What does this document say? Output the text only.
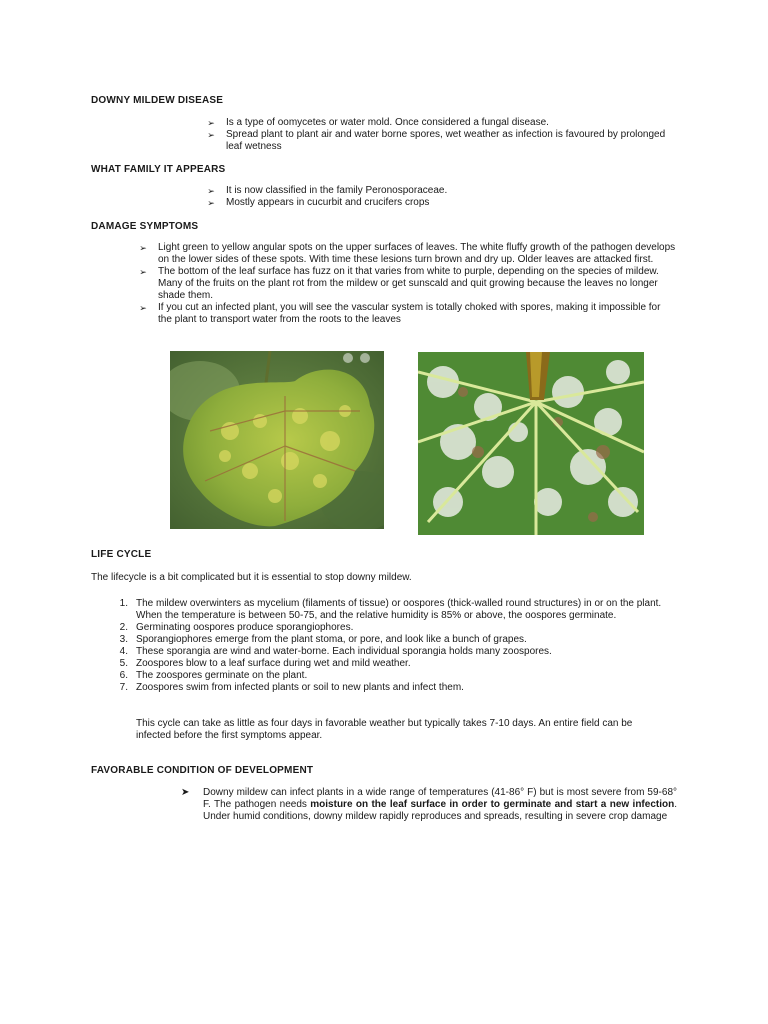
DOWNY MILDEW DISEASE

➢	Is a type of oomycetes or water mold. Once considered a fungal disease.
➢	Spread plant to plant air and water borne spores, wet weather as infection is favoured by prolonged leaf wetness

WHAT FAMILY IT APPEARS

➢	It is now classified in the family Peronosporaceae.
➢	Mostly appears in cucurbit and crucifers crops

DAMAGE SYMPTOMS

➢	Light green to yellow angular spots on the upper surfaces of leaves. The white fluffy growth of the pathogen develops on the lower sides of these spots. With time these lesions turn brown and dry up. Older leaves are attacked first.
➢	The bottom of the leaf surface has fuzz on it that varies from white to purple, depending on the species of mildew. Many of the fruits on the plant rot from the mildew or get sunscald and quit growing because the leaves no longer shade them.
➢	If you cut an infected plant, you will see the vascular system is totally choked with spores, making it impossible for the plant to transport water from the roots to the leaves

LIFE CYCLE

The lifecycle is a bit complicated but it is essential to stop downy mildew.

1. The mildew overwinters as mycelium (filaments of tissue) or oospores (thick-walled round structures) in or on the plant. When the temperature is between 50-75, and the relative humidity is 85% or above, the oospores germinate.
2. Germinating oospores produce sporangiophores.
3. Sporangiophores emerge from the plant stoma, or pore, and look like a bunch of grapes.
4. These sporangia are wind and water-borne. Each individual sporangia holds many zoospores.
5. Zoospores blow to a leaf surface during wet and mild weather.
6. The zoospores germinate on the plant.
7. Zoospores swim from infected plants or soil to new plants and infect them.

This cycle can take as little as four days in favorable weather but typically takes 7-10 days. An entire field can be infected before the first symptoms appear.

FAVORABLE CONDITION OF DEVELOPMENT

➤ Downy mildew can infect plants in a wide range of temperatures (41-86° F) but is most severe from 59-68° F. The pathogen needs moisture on the leaf surface in order to germinate and start a new infection. Under humid conditions, downy mildew rapidly reproduces and spreads, resulting in severe crop damage
